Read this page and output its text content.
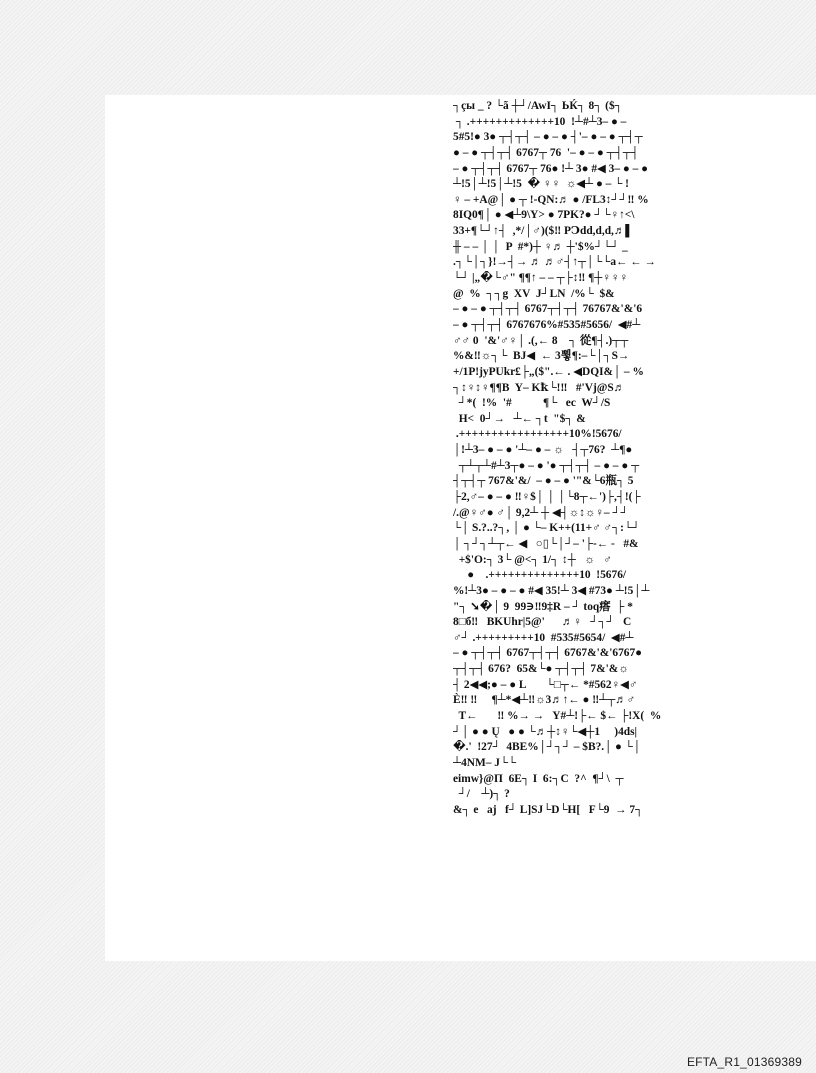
┐çы _ ? └ã ┼┘/AwI┐ ЬЌ┐ 8┐ ($┐
┐ .+++++++++++++10  !┴#┴3– ● –
5#5!● 3● ┬┤┬┤ – ● – ● ┤'– ● – ● ┬┤┬
● – ● ┬┤┬┤ 6767┬ 76  '– ● – ● ┬┤┬┤
– ● ┬┤┬┤ 6767┬ 76● !┴ 3● #◀ 3– ● – ●
┴!5│┴!5│┴!5  � ♀♀  ☼◀┴ ● – └ !
♀ – +A@│ ● ┬ !-QN:♬ ● /FL3↕┘┘‼ %
8IQ0¶│ ● ◀┴9\Y> ● 7PK?● ┘└♀↑<\
33+¶└┘↑┤  ,*/│♂)($‼ PↃdd,d,d,♬▌
╫ – – │ │  P  #*)┼ ♀♬ ┼'$%┘└┘ _
.┐└│┐}!→┤→ ♬ ♬♂┤↑┬│└└a← ← →
└┘ |„�└♂" ¶¶↑ – – ┬├↕‼ ¶┼♀♀♀
@  %  ┐┐g  XV  J┘LN  /%└  $&
– ● – ● ┬┤┬┤ 6767┬┤┬┤ 76767&'&'6
– ● ┬┤┬┤ 6767676%#535#5656/  ◀#┴
♂♂ 0  '&'♂♀│ .(,← 8    ┐ 從¶┤.)┬┬
%&‼☼┐└  BJ◀  ← 3뾯¶:–└│┐S→
+/1P!jyPUkr£├„($".← . ◀DQI&│ – %
┐↕♀↕♀¶¶B  Y– Kꝁ└!‼   #'Vj@S♬
┘*(  !%  '#           ¶└   ec  W┘/S
H<  0┘→   ┴← ┐t  "$┐ &
.+++++++++++++++++10%!5676/
│!┴3– ● – ● '┴– ● – ☼   ┤┬76?  ┴¶●
┬┴┬┴#┴3┬● – ● '● ┬┤┬┤ – ● – ● ┬
┤┬┤┬ 767&'&/  – ● – ● '"&└6瓶┐ 5
├2,♂– ● – ● ‼♀$│ │ │└8┬←')├,┤!(├
/.@♀♂● ♂│ 9,2┴ ┼ ◀┤☼↕☼♀– ┘┘
└│ S.?..?┐, │ ● └– K++(11+♂ ♂┐:└┘
│ ┐┘┐┴┬← ◀   ○▯└│┘– '├-← -   #&
+$'O:┐ 3└ @<┐ 1/┐ ↕┼   ☼   ♂
●    .++++++++++++++10  !5676/
%!┴3● – ● – ● #◀ 35!┴ 3◀ #73● ┴!5│┴
"┐ ➘�│ 9  99∋‼9‡R – ┘ toq瘩  ├ *
8□б‼   BKUhr|5@'      ♬♀   ┘┐┘   C
♂┘ .+++++++++10  #535#5654/  ◀#┴
– ● ┬┤┬┤ 6767┬┤┬┤ 6767&'&'6767●
┬┤┬┤ 676?  65&└● ┬┤┬┤ 7&'&☼
┤ 2◀◀;● – ● L       └□┬← *#562♀◀♂
È‼ ‼     ¶┴*◀┴‼☼3♬↑← ● ‼┴┬♬♂
T←       ‼ %→ →   Y#┴!├← $← ├!X(  %
┘│ ● ● Ų   ● ● └♬┼↕♀└◀┼1     )4ds|
�.'  !27┘  4BE%│┘┐┘ – $B?.│ ● └│
┴4NM– J└└
eimw}@Π  6E┐ I  6:┐C  ?^  ¶┘\  ┬
┘/    ┴)┐ ?
&┐ e   aj   f┘ L]SJ└D└H[   F└9  → 7┐
EFTA_R1_01369389
